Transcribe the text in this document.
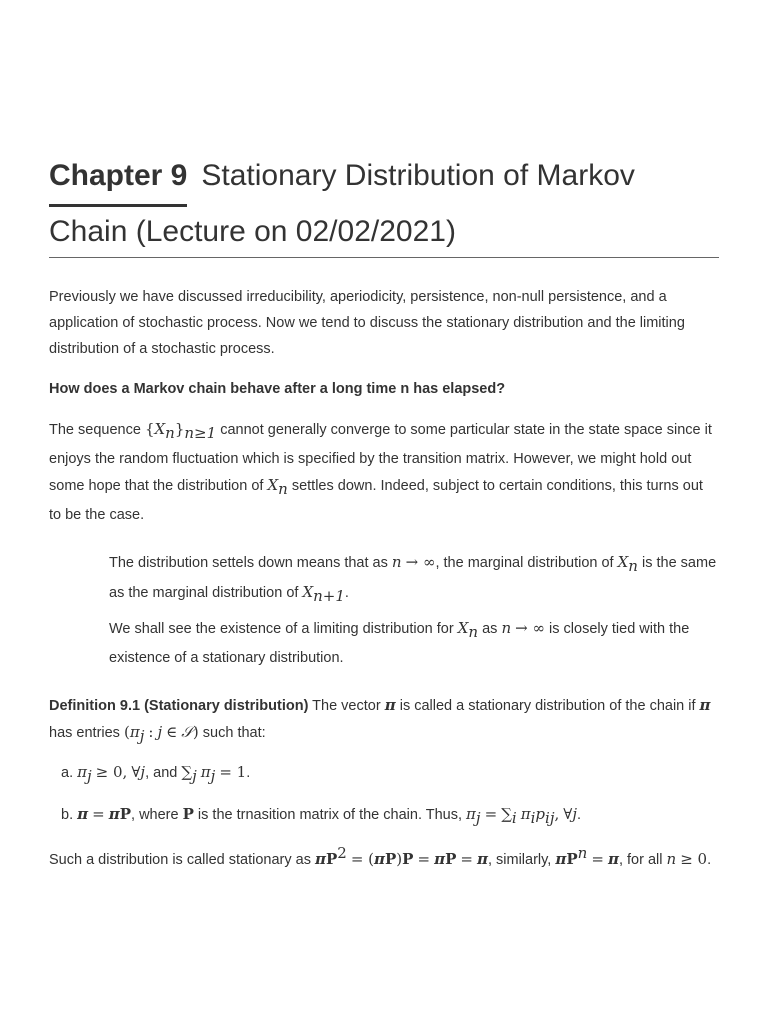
Chapter 9 Stationary Distribution of Markov Chain (Lecture on 02/02/2021)

Previously we have discussed irreducibility, aperiodicity, persistence, non-null persistence, and a application of stochastic process. Now we tend to discuss the stationary distribution and the limiting distribution of a stochastic process.

How does a Markov chain behave after a long time n has elapsed?

The sequence $\{X_n\}_{n\ge 1}$ cannot generally converge to some particular state in the state space since it enjoys the random fluctuation which is specified by the transition matrix. However, we might hold out some hope that the distribution of $X_n$ settles down. Indeed, subject to certain conditions, this turns out to be the case.

The distribution settels down means that as n → ∞, the marginal distribution of $X_n$ is the same as the marginal distribution of $X_{n+1}$.

We shall see the existence of a limiting distribution for $X_n$ as n → ∞ is closely tied with the existence of a stationary distribution.

Definition 9.1 (Stationary distribution) The vector π is called a stationary distribution of the chain if π has entries ($\pi_j$ : j ∈ 𝒮) such that:

a. $\pi_j \ge 0$, ∀j, and $\sum_j$ $\pi_j = 1$.

b. π = πP, where P is the trnasition matrix of the chain. Thus, $\pi_j = \sum_i$ $\pi_ip_{ij}$, ∀j.

Such a distribution is called stationary as $\pi P^2 = (\pi P)P = \pi P = \pi$, similarly, $\pi P^n = \pi$, for all n ≥ 0.
